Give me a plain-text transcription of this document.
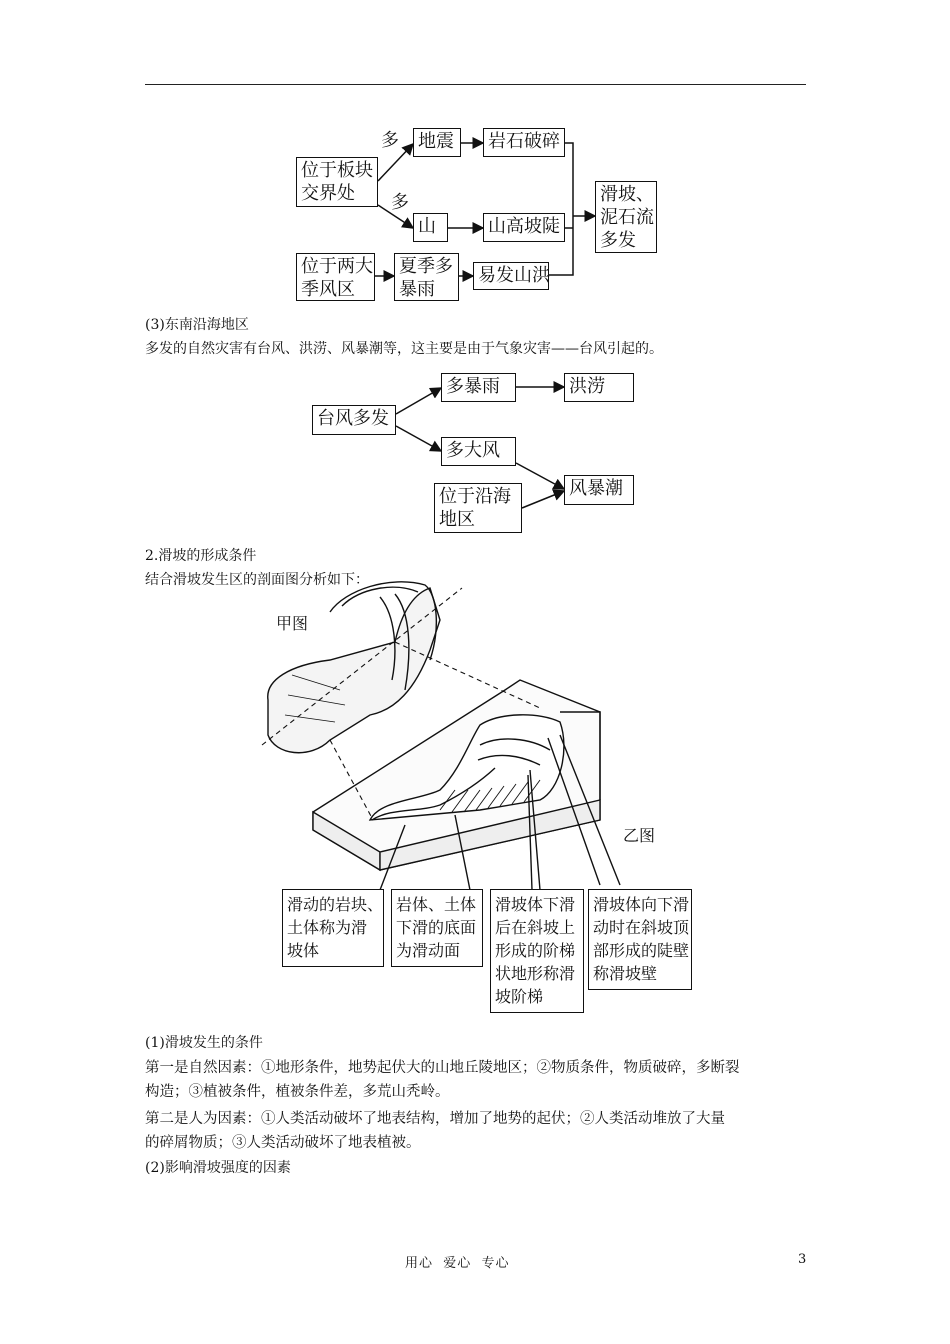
位于板块
交界处
多
多
地震	岩石破碎
山	山高坡陡
滑坡、
泥石流
多发
位于两大
季风区
夏季多
暴雨
易发山洪
(3)东南沿海地区
多发的自然灾害有台风、洪涝、风暴潮等，这主要是由于气象灾害——台风引起的。
台风多发
多暴雨	洪涝
多大风
位于沿海
地区
风暴潮
2.滑坡的形成条件
结合滑坡发生区的剖面图分析如下：
甲图
乙图
滑动的岩块、
土体称为滑
坡体
岩体、土体
下滑的底面
为滑动面
滑坡体下滑
后在斜坡上
形成的阶梯
状地形称滑
坡阶梯
滑坡体向下滑
动时在斜坡顶
部形成的陡壁
称滑坡壁
(1)滑坡发生的条件
第一是自然因素：①地形条件，地势起伏大的山地丘陵地区；②物质条件，物质破碎，多断裂
构造；③植被条件，植被条件差，多荒山秃岭。
第二是人为因素：①人类活动破坏了地表结构，增加了地势的起伏；②人类活动堆放了大量
的碎屑物质；③人类活动破坏了地表植被。
(2)影响滑坡强度的因素
用心  爱心  专心	3
